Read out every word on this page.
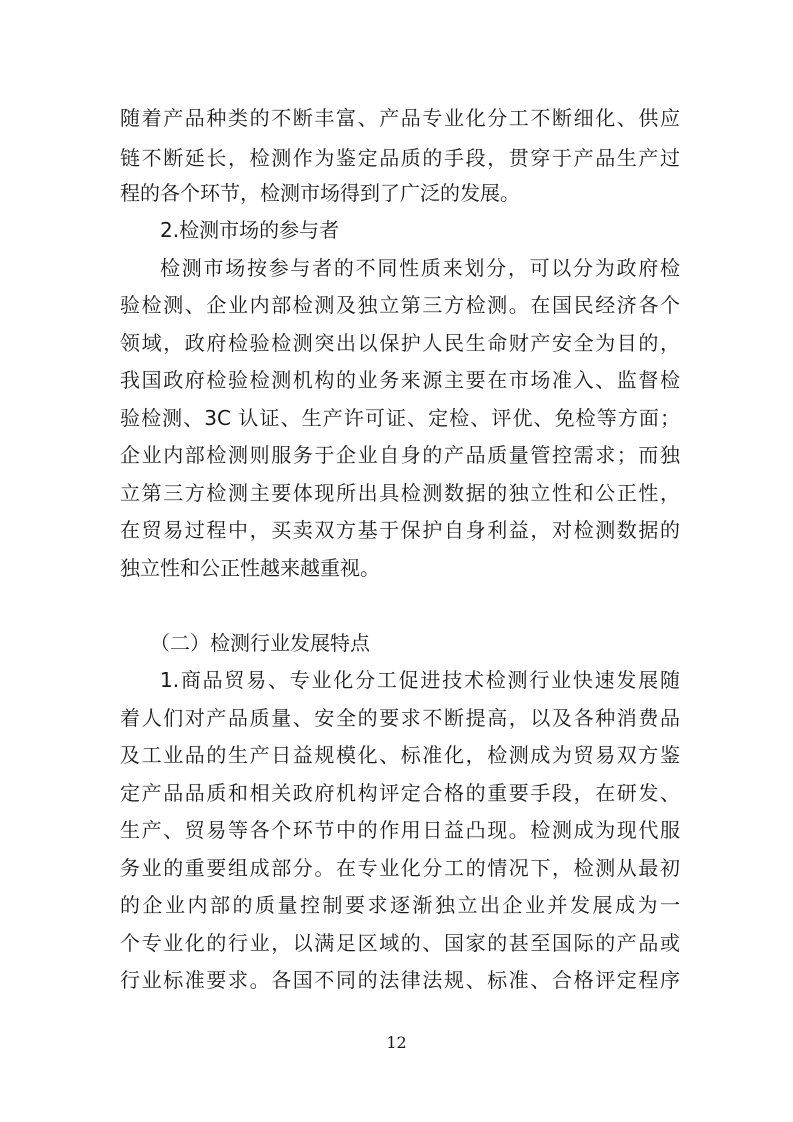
随着产品种类的不断丰富、产品专业化分工不断细化、供应
链不断延长，检测作为鉴定品质的手段，贯穿于产品生产过
程的各个环节，检测市场得到了广泛的发展。
2.检测市场的参与者
检测市场按参与者的不同性质来划分，可以分为政府检
验检测、企业内部检测及独立第三方检测。在国民经济各个
领域，政府检验检测突出以保护人民生命财产安全为目的，
我国政府检验检测机构的业务来源主要在市场准入、监督检
验检测、3C 认证、生产许可证、定检、评优、免检等方面；
企业内部检测则服务于企业自身的产品质量管控需求；而独
立第三方检测主要体现所出具检测数据的独立性和公正性，
在贸易过程中，买卖双方基于保护自身利益，对检测数据的
独立性和公正性越来越重视。
（二）检测行业发展特点
1.商品贸易、专业化分工促进技术检测行业快速发展随
着人们对产品质量、安全的要求不断提高，以及各种消费品
及工业品的生产日益规模化、标准化，检测成为贸易双方鉴
定产品品质和相关政府机构评定合格的重要手段，在研发、
生产、贸易等各个环节中的作用日益凸现。检测成为现代服
务业的重要组成部分。在专业化分工的情况下，检测从最初
的企业内部的质量控制要求逐渐独立出企业并发展成为一
个专业化的行业，以满足区域的、国家的甚至国际的产品或
行业标准要求。各国不同的法律法规、标准、合格评定程序
12
